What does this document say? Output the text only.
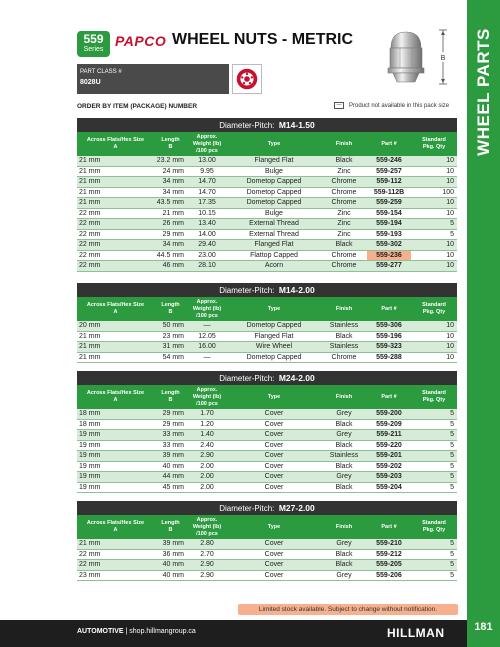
559
Series
PAPCO WHEEL NUTS - METRIC
B
PART CLASS #
8028U
ORDER BY ITEM (PACKAGE) NUMBER	—	Product not available in this pack size WHEEL PARTS
Diameter-Pitch: M14-1.50
Across Flats/Hex Size
A
Length
B
Approx.
Weight (lb)
/100 pcs
Type	Finish	Part #
Standard
Pkg. Qty
21 mm	23.2 mm	13.00	Flanged Flat	Black	559-246	10
21 mm	24 mm	9.95	Bulge	Zinc	559-257	10
21 mm	34 mm	14.70	Dometop Capped	Chrome	559-112	10
21 mm	34 mm	14.70	Dometop Capped	Chrome	559-112B	100
21 mm	43.5 mm	17.35	Dometop Capped	Chrome	559-259	10
22 mm	21 mm	10.15	Bulge	Zinc	559-154	10
22 mm	26 mm	13.40	External Thread	Zinc	559-194	5
22 mm	29 mm	14.00	External Thread	Zinc	559-193	5
22 mm	34 mm	29.40	Flanged Flat	Black	559-302	10
22 mm	44.5 mm	23.00	Flattop Capped	Chrome	559-236	10
22 mm	46 mm	28.10	Acorn	Chrome	559-277	10
Diameter-Pitch: M14-2.00
Across Flats/Hex Size
A
Length
B
Approx.
Weight (lb)
/100 pcs
Type	Finish	Part #
Standard
Pkg. Qty
20 mm	50 mm	—	Dometop Capped	Stainless	559-306	10
21 mm	23 mm	12.05	Flanged Flat	Black	559-196	10
21 mm	31 mm	16.00	Wire Wheel	Stainless	559-323	10
21 mm	54 mm	—	Dometop Capped	Chrome	559-288	10
Diameter-Pitch: M24-2.00
Across Flats/Hex Size
A
Length
B
Approx.
Weight (lb)
/100 pcs
Type	Finish	Part #
Standard
Pkg. Qty
18 mm	29 mm	1.70	Cover	Grey	559-200	5
18 mm	29 mm	1.20	Cover	Black	559-209	5
19 mm	33 mm	1.40	Cover	Grey	559-211	5
19 mm	33 mm	2.40	Cover	Black	559-220	5
19 mm	39 mm	2.90	Cover	Stainless	559-201	5
19 mm	40 mm	2.00	Cover	Black	559-202	5
19 mm	44 mm	2.00	Cover	Grey	559-203	5
19 mm	45 mm	2.00	Cover	Black	559-204	5
Diameter-Pitch: M27-2.00
Across Flats/Hex Size
A
Length
B
Approx.
Weight (lb)
/100 pcs
Type	Finish	Part #
Standard
Pkg. Qty
21 mm	39 mm	2.80	Cover	Grey	559-210	5
22 mm	36 mm	2.70	Cover	Black	559-212	5
22 mm	40 mm	2.90	Cover	Black	559-205	5
23 mm	40 mm	2.90	Cover	Grey	559-206	5
Limited stock available. Subject to change without notification.
AUTOMOTIVE | shop.hillmangroup.ca	HILLMAN	181
